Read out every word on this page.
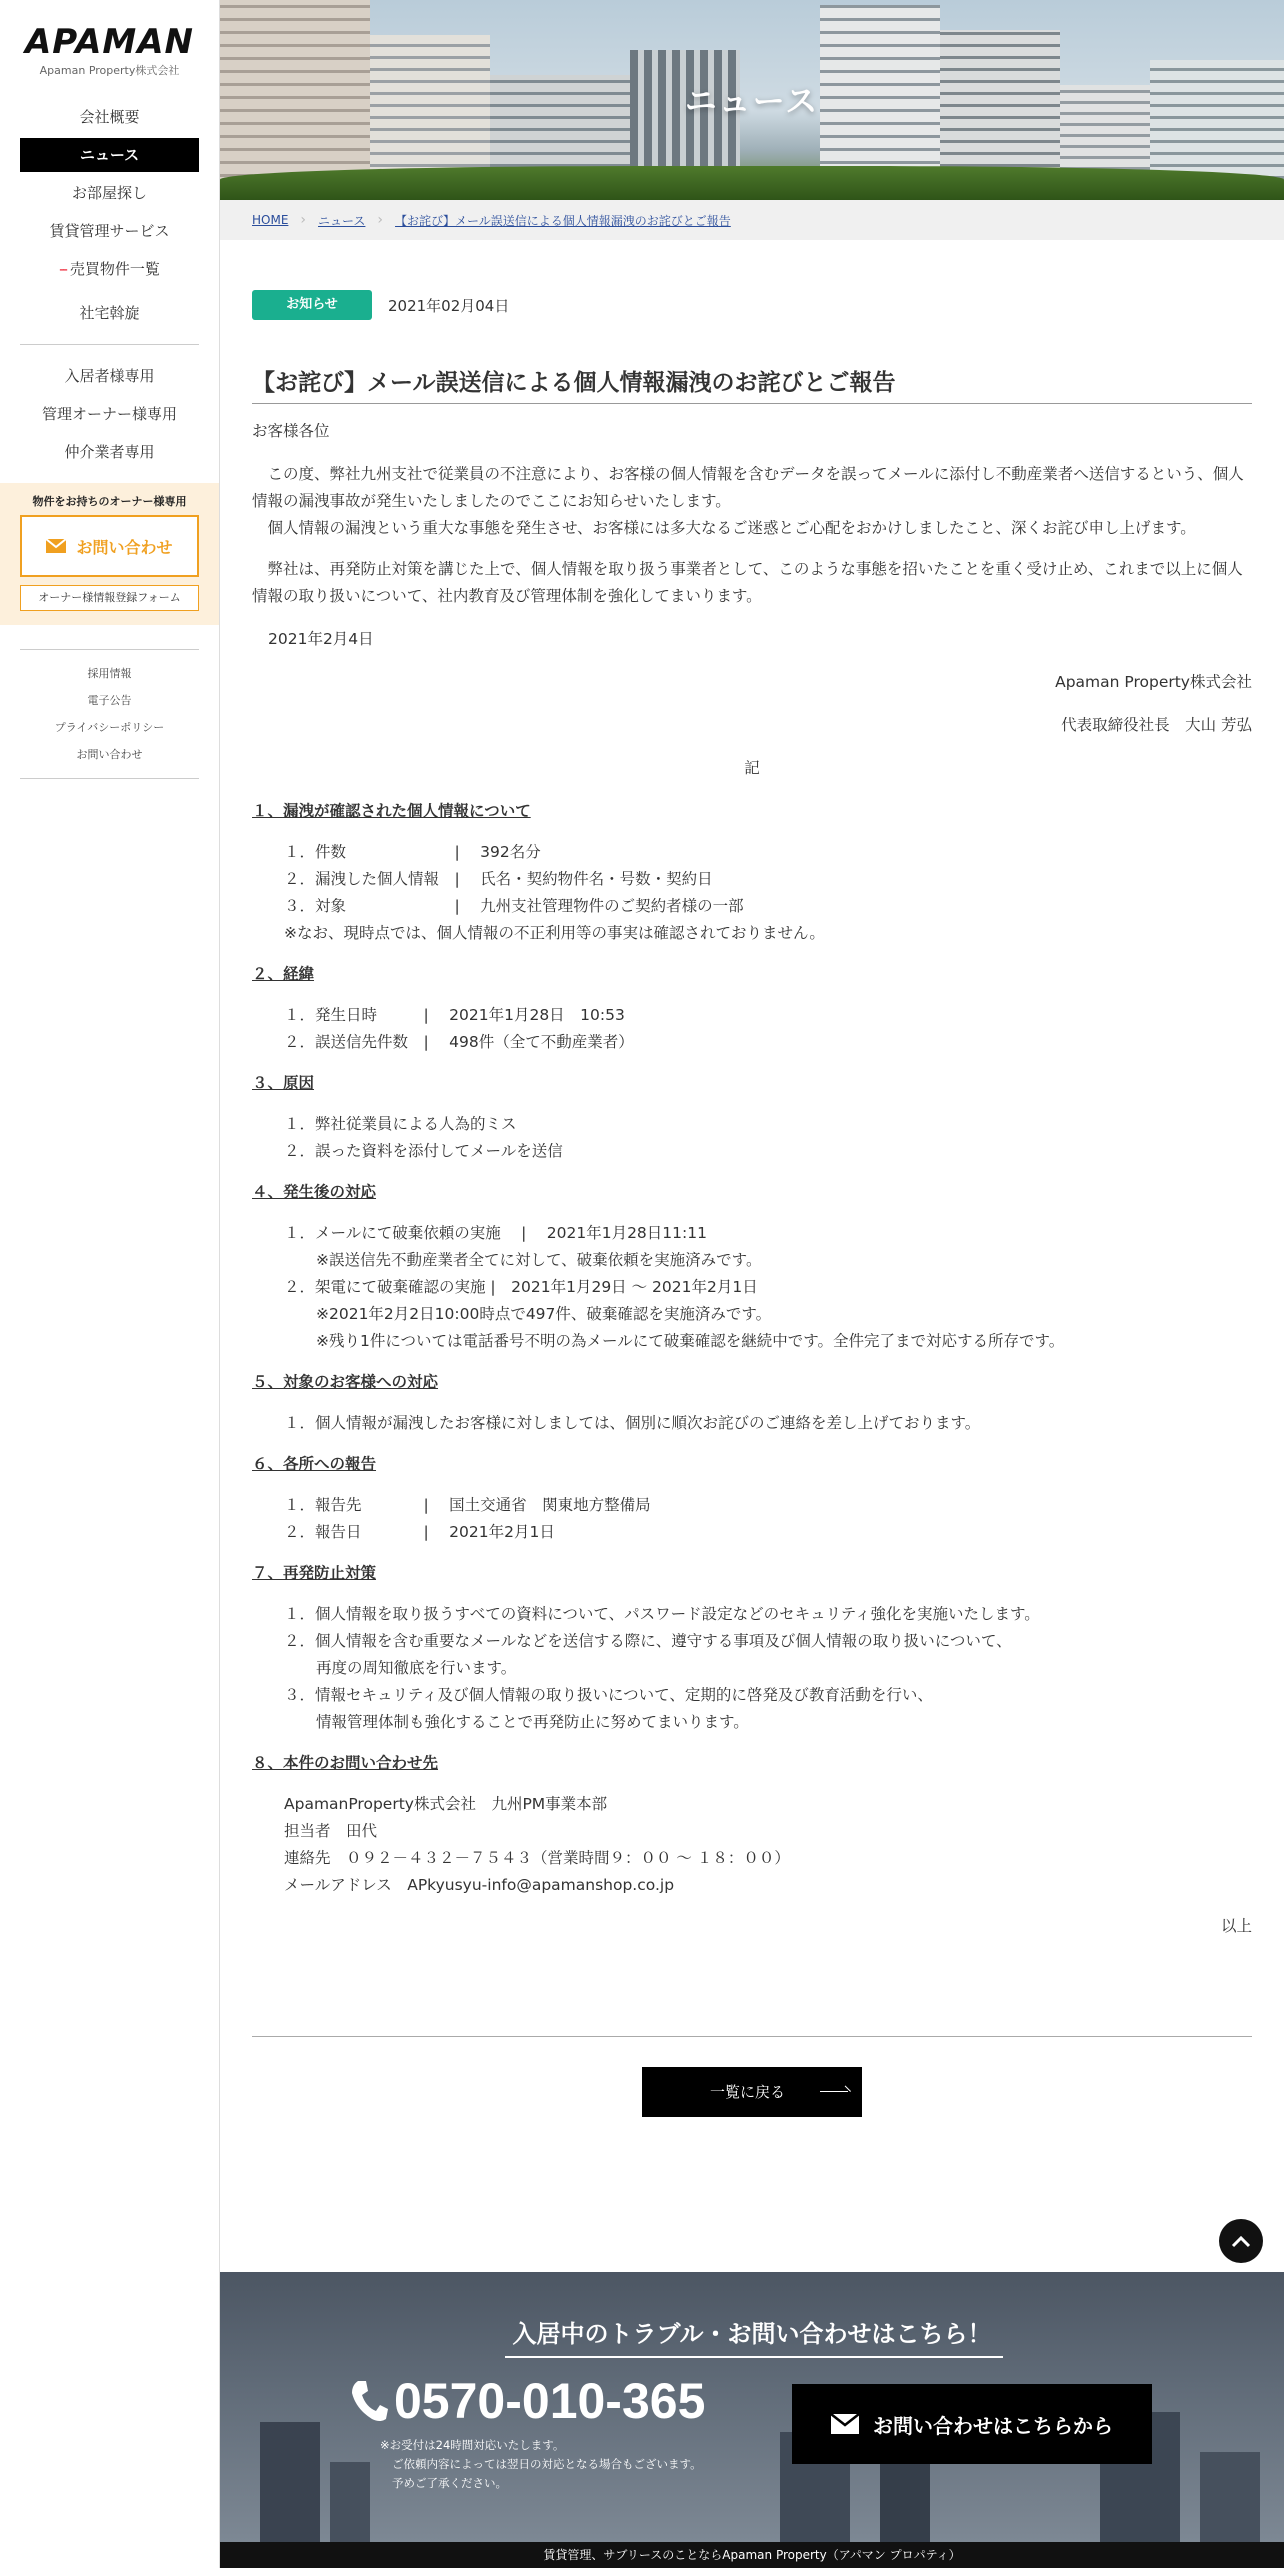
APAMAN
Apaman Property株式会社
会社概要
ニュース
お部屋探し
賃貸管理サービス
-- 売買物件一覧
社宅斡旋
入居者様専用
管理オーナー様専用
仲介業者専用
物件をお持ちのオーナー様専用
お問い合わせ
オーナー様情報登録フォーム
採用情報
電子公告
プライバシーポリシー
お問い合わせ
ニュース
HOME › ニュース › 【お詫び】メール誤送信による個人情報漏洩のお詫びとご報告
お知らせ	2021年02月04日
【お詫び】メール誤送信による個人情報漏洩のお詫びとご報告

お客様各位

　この度、弊社九州支社で従業員の不注意により、お客様の個人情報を含むデータを誤ってメールに添付し不動産業者へ送信するという、個人情報の漏洩事故が発生いたしましたのでここにお知らせいたします。

　個人情報の漏洩という重大な事態を発生させ、お客様には多大なるご迷惑とご心配をおかけしましたこと、深くお詫び申し上げます。

　弊社は、再発防止対策を講じた上で、個人情報を取り扱う事業者として、このような事態を招いたことを重く受け止め、これまで以上に個人情報の取り扱いについて、社内教育及び管理体制を強化してまいります。

2021年2月4日

Apaman Property株式会社

代表取締役社長　大山 芳弘

記

１、漏洩が確認された個人情報について

１．件数　　　　　　　|　 392名分

２．漏洩した個人情報　|　 氏名・契約物件名・号数・契約日

３．対象　　　　　　　|　 九州支社管理物件のご契約者様の一部

※なお、現時点では、個人情報の不正利用等の事実は確認されておりません。

２、経緯

１．発生日時　　　|　 2021年1月28日　10:53

２．誤送信先件数　|　 498件（全て不動産業者）

３、原因

１．弊社従業員による人為的ミス

２．誤った資料を添付してメールを送信

４、発生後の対応

１．メールにて破棄依頼の実施　 |　 2021年1月28日11:11

※誤送信先不動産業者全てに対して、破棄依頼を実施済みです。

２．架電にて破棄確認の実施 |　2021年1月29日 ～ 2021年2月1日

※2021年2月2日10:00時点で497件、破棄確認を実施済みです。

※残り1件については電話番号不明の為メールにて破棄確認を継続中です。全件完了まで対応する所存です。

５、対象のお客様への対応

１．個人情報が漏洩したお客様に対しましては、個別に順次お詫びのご連絡を差し上げております。

６、各所への報告

１．報告先　　　　|　 国土交通省　関東地方整備局

２．報告日　　　　|　 2021年2月1日

７、再発防止対策

１．個人情報を取り扱うすべての資料について、パスワード設定などのセキュリティ強化を実施いたします。

２．個人情報を含む重要なメールなどを送信する際に、遵守する事項及び個人情報の取り扱いについて、

再度の周知徹底を行います。

３．情報セキュリティ及び個人情報の取り扱いについて、定期的に啓発及び教育活動を行い、

情報管理体制も強化することで再発防止に努めてまいります。

８、本件のお問い合わせ先

ApamanProperty株式会社　九州PM事業本部

担当者　田代

連絡先　０９２－４３２－７５４３（営業時間９：００ ～ １８：００）

メールアドレス　APkyusyu-info@apamanshop.co.jp

以上

一覧に戻る
入居中のトラブル・お問い合わせはこちら！
0570-010-365
※お受付は24時間対応いたします。
ご依頼内容によっては翌日の対応となる場合もございます。
予めご了承ください。
お問い合わせはこちらから
賃貸管理、サブリースのことならApaman Property（アパマン プロパティ）
